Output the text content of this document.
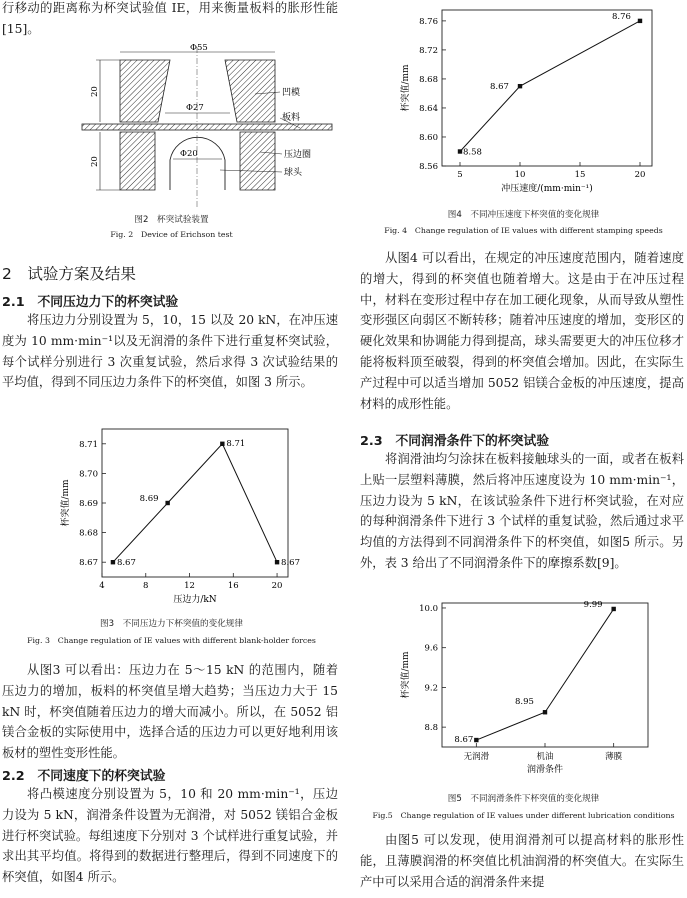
行移动的距离称为杯突试验值 IE，用来衡量板料的胀形性能[15]。

Φ55
Φ27
Φ20
20
20
凹模
板料
压边圈
球头

图2　杯突试验装置

Fig. 2　Device of Erichson test

2　试验方案及结果

2.1　不同压边力下的杯突试验

将压边力分别设置为 5，10，15 以及 20 kN，在冲压速度为 10 mm·min⁻¹以及无润滑的条件下进行重复杯突试验，每个试样分别进行 3 次重复试验，然后求得 3 次试验结果的平均值，得到不同压边力条件下的杯突值，如图 3 所示。

4	8	12	16	20
8.67
8.68
8.69
8.70
8.71
8.67
8.69
8.71
8.67
压边力/kN
杯突值/mm

图3　不同压边力下杯突值的变化规律

Fig. 3　Change regulation of IE values with different blank-holder forces

从图3 可以看出：压边力在 5～15 kN 的范围内，随着压边力的增加，板料的杯突值呈增大趋势；当压边力大于 15 kN 时，杯突值随着压边力的增大而减小。所以，在 5052 铝镁合金板的实际使用中，选择合适的压边力可以更好地利用该板材的塑性变形性能。

2.2　不同速度下的杯突试验

将凸模速度分别设置为 5，10 和 20 mm·min⁻¹，压边力设为 5 kN，润滑条件设置为无润滑，对 5052 镁铝合金板进行杯突试验。每组速度下分别对 3 个试样进行重复试验，并求出其平均值。将得到的数据进行整理后，得到不同速度下的杯突值，如图4 所示。

5	10	15	20
8.56
8.60
8.64
8.68
8.72
8.76
8.58
8.67
8.76
冲压速度/(mm·min⁻¹)
杯突值/mm

图4　不同冲压速度下杯突值的变化规律

Fig. 4　Change regulation of IE values with different stamping speeds

从图4 可以看出，在规定的冲压速度范围内，随着速度的增大，得到的杯突值也随着增大。这是由于在冲压过程中，材料在变形过程中存在加工硬化现象，从而导致从塑性变形强区向弱区不断转移；随着冲压速度的增加，变形区的硬化效果和协调能力得到提高，球头需要更大的冲压位移才能将板料顶至破裂，得到的杯突值会增加。因此，在实际生产过程中可以适当增加 5052 铝镁合金板的冲压速度，提高材料的成形性能。

2.3　不同润滑条件下的杯突试验

将润滑油均匀涂抹在板料接触球头的一面，或者在板料上贴一层塑料薄膜，然后将冲压速度设为 10 mm·min⁻¹，压边力设为 5 kN，在该试验条件下进行杯突试验，在对应的每种润滑条件下进行 3 个试样的重复试验，然后通过求平均值的方法得到不同润滑条件下的杯突值，如图5 所示。另外，表 3 给出了不同润滑条件下的摩擦系数[9]。

无润滑	机油	薄膜
8.8
9.2
9.6
10.0
8.67
8.95
9.99
润滑条件
杯突值/mm

图5　不同润滑条件下杯突值的变化规律

Fig.5　Change regulation of IE values under different lubrication conditions

由图5 可以发现，使用润滑剂可以提高材料的胀形性能，且薄膜润滑的杯突值比机油润滑的杯突值大。在实际生产中可以采用合适的润滑条件来提
